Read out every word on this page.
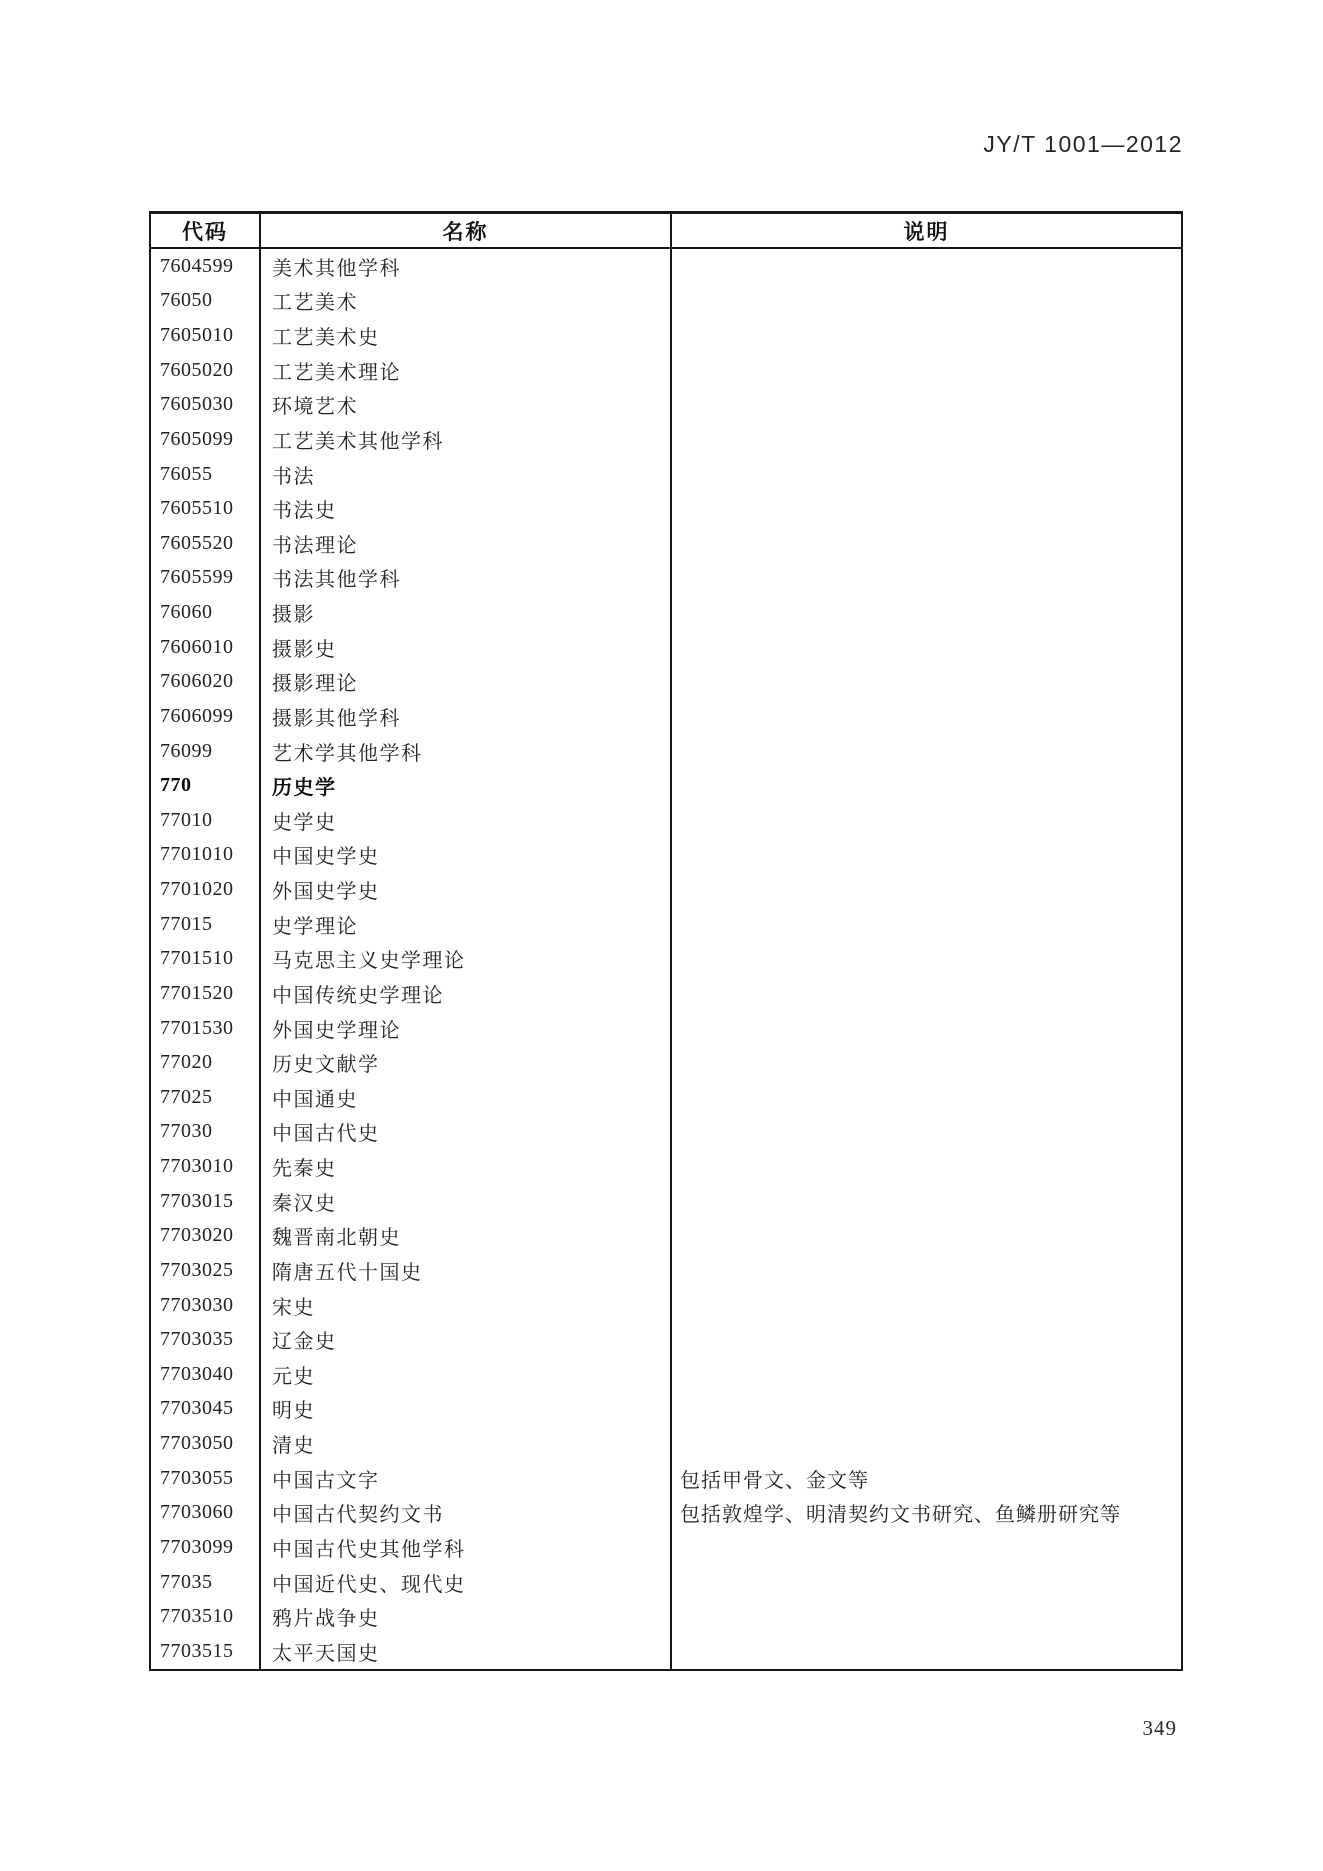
JY/T 1001—2012
代码	名称	说明
7604599	美术其他学科	
76050	工艺美术	
7605010	工艺美术史	
7605020	工艺美术理论	
7605030	环境艺术	
7605099	工艺美术其他学科	
76055	书法	
7605510	书法史	
7605520	书法理论	
7605599	书法其他学科	
76060	摄影	
7606010	摄影史	
7606020	摄影理论	
7606099	摄影其他学科	
76099	艺术学其他学科	
770	历史学	
77010	史学史	
7701010	中国史学史	
7701020	外国史学史	
77015	史学理论	
7701510	马克思主义史学理论	
7701520	中国传统史学理论	
7701530	外国史学理论	
77020	历史文献学	
77025	中国通史	
77030	中国古代史	
7703010	先秦史	
7703015	秦汉史	
7703020	魏晋南北朝史	
7703025	隋唐五代十国史	
7703030	宋史	
7703035	辽金史	
7703040	元史	
7703045	明史	
7703050	清史	
7703055	中国古文字	包括甲骨文、金文等
7703060	中国古代契约文书	包括敦煌学、明清契约文书研究、鱼鳞册研究等
7703099	中国古代史其他学科	
77035	中国近代史、现代史	
7703510	鸦片战争史	
7703515	太平天国史	
349
